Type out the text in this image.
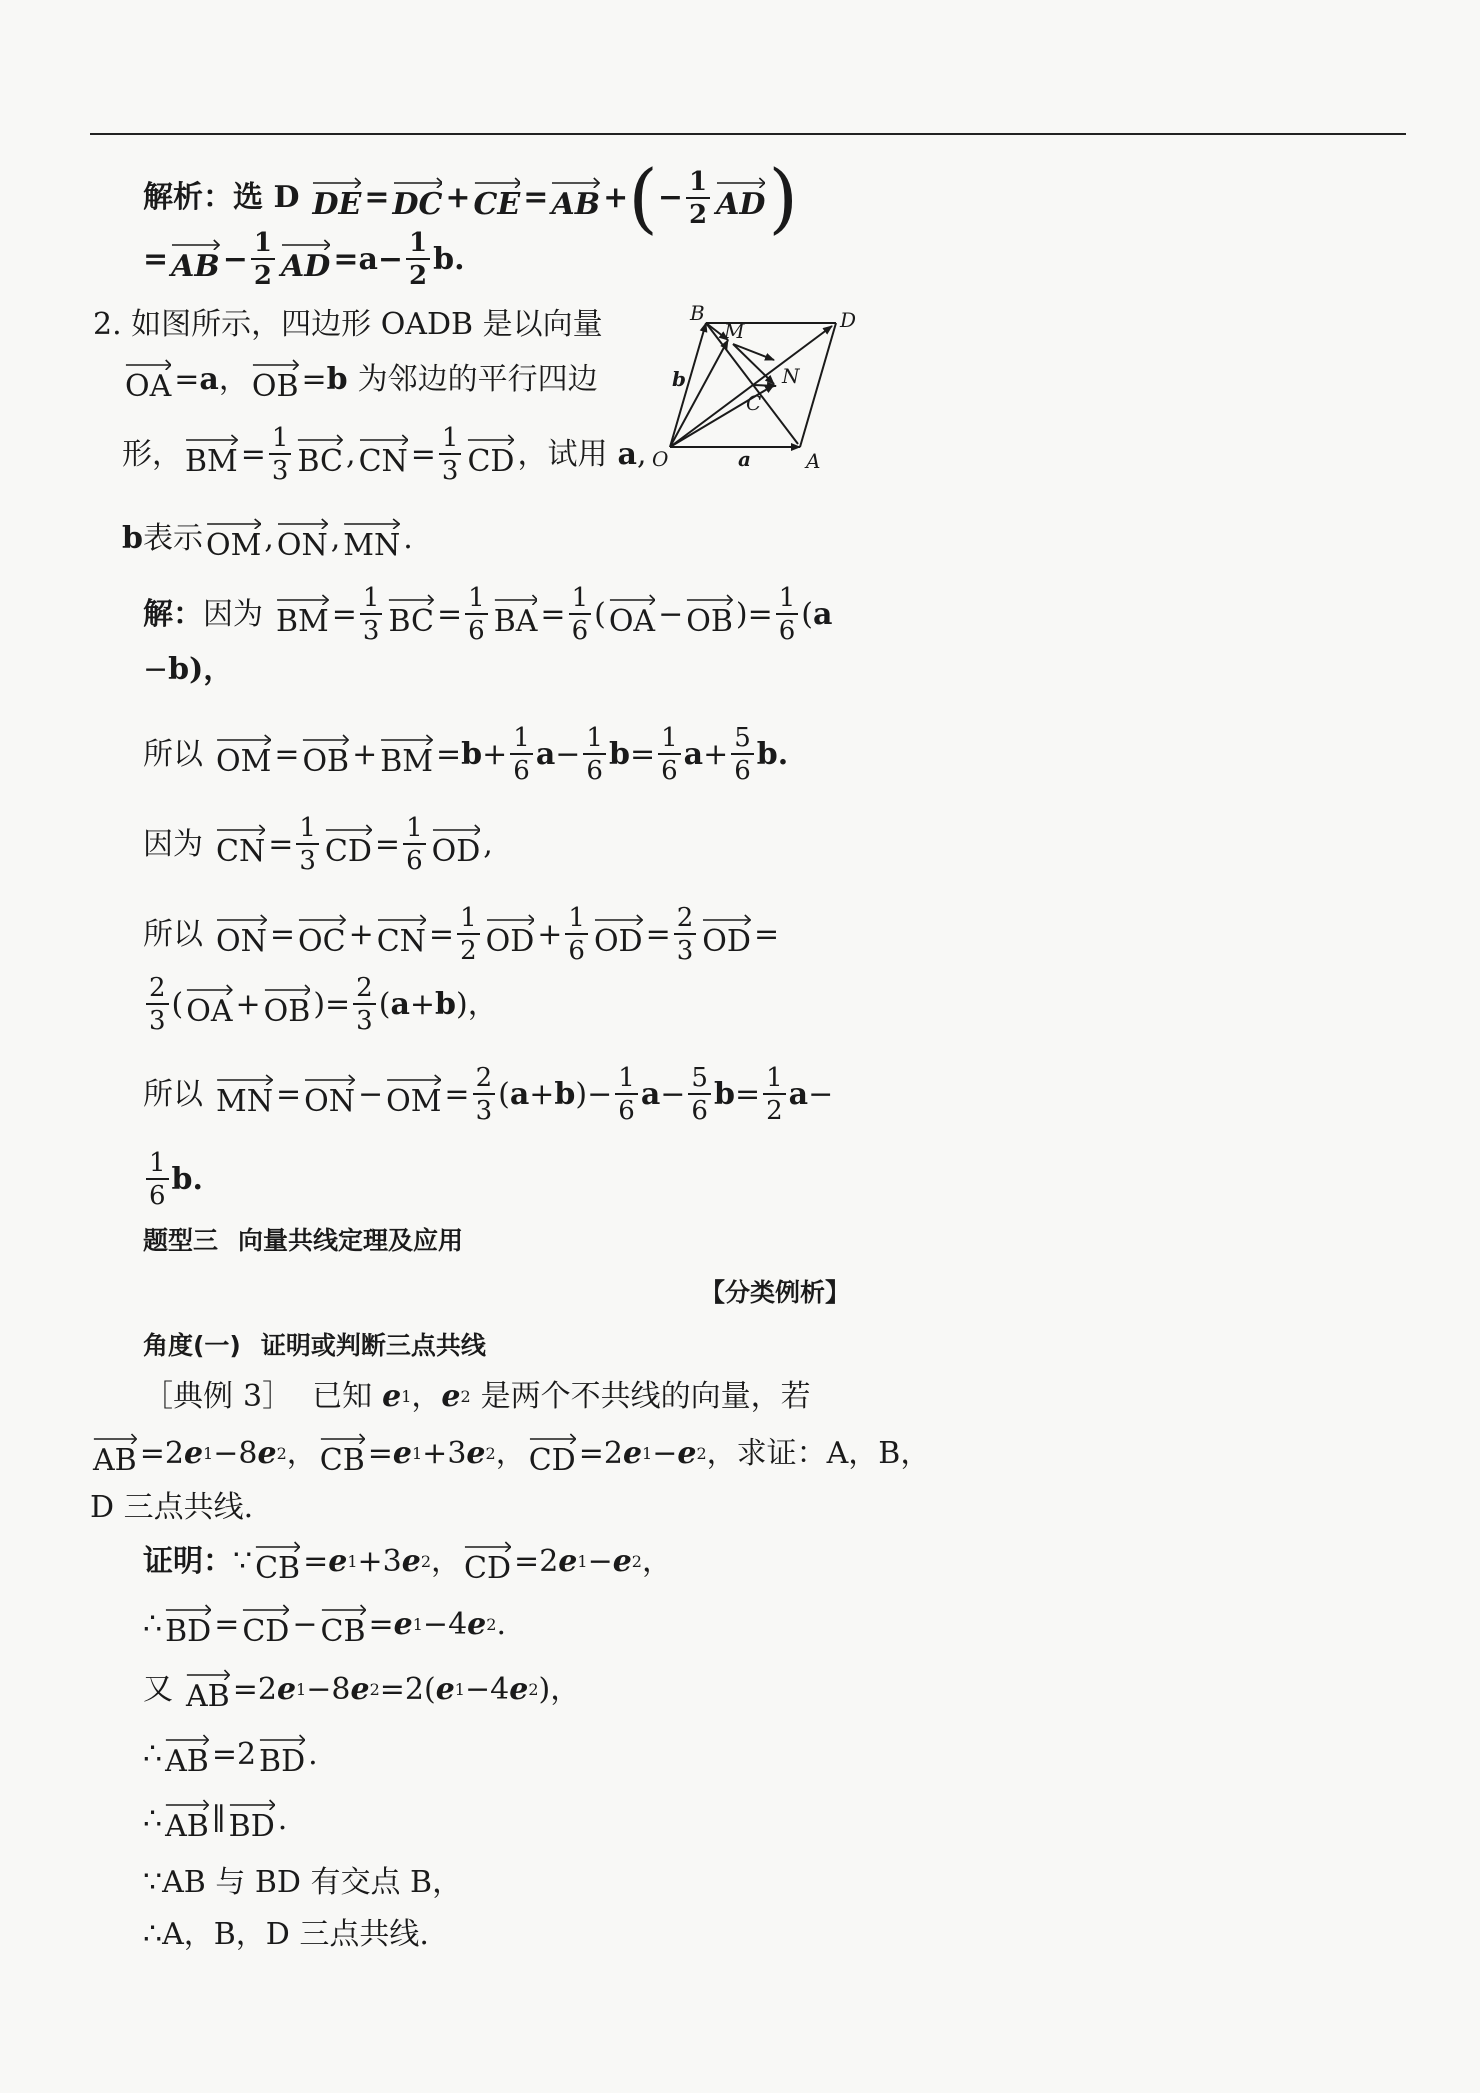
解析：选 D DE = DC + CE = AB + ( − $\frac{1}{2}$ AD )
= AB − $\frac{1}{2}$ AD $=a- \frac{1}{2} b$.
2. 如图所示，四边形 OADB 是以向量
OA = a ， OB = b 为邻边的平行四边
形， BM = $\frac{1}{3}$ BC , CN = $\frac{1}{3}$ CD ，试用 a ,
b 表示 OM , ON , MN .
O	A
B	D
M
N
C
a
b
解： 因为 BM = $\frac{1}{3}$ BC = $\frac{1}{6}$ BA = $\frac{1}{6}$ ( OA − OB ) = $\frac{1}{6}$ ( a
− b)，
所以 OM = OB + BM = $b + \frac{1}{6}$ $a - \frac{1}{6}$ $b = \frac{1}{6}$ $a + \frac{5}{6} b$.
因为 CN = $\frac{1}{3}$ CD = $\frac{1}{6}$ OD ,
所以 ON = OC + CN = $\frac{1}{2}$ OD + $\frac{1}{6}$ OD = $\frac{2}{3}$ OD =
$\frac{2}{3}$ ( OA + OB ) = $\frac{2}{3}$ ( a + b ) ，
所以 MN = ON − OM = $\frac{2}{3}$ ( a + b ) − $\frac{1}{6}$ $a - \frac{5}{6}$ $b = \frac{1}{2}$ a −
$\frac{1}{6} b$.
题型三 向量共线定理及应用
【分类例析】
角度(一) 证明或判断三点共线
［典例 3］ 已知 e 1 ， e 2 是两个不共线的向量，若
AB = 2 e 1 − 8 e 2 ， CB = e 1 + 3 e 2 ， CD = 2 e 1 − e 2 ，求证：A，B，
D 三点共线.
证明： ∵ CB = e 1 + 3 e 2 ， CD = 2 e 1 − e 2 ，
∴ BD = CD − CB = e 1 − 4 e 2 .
又 AB = 2 e 1 − 8 e 2 = 2 ( e 1 − 4 e 2 ) ，
∴ AB = 2 BD .
∴ AB ∥ BD .
∵ AB 与 BD 有交点 B，
∴ A，B，D 三点共线.
